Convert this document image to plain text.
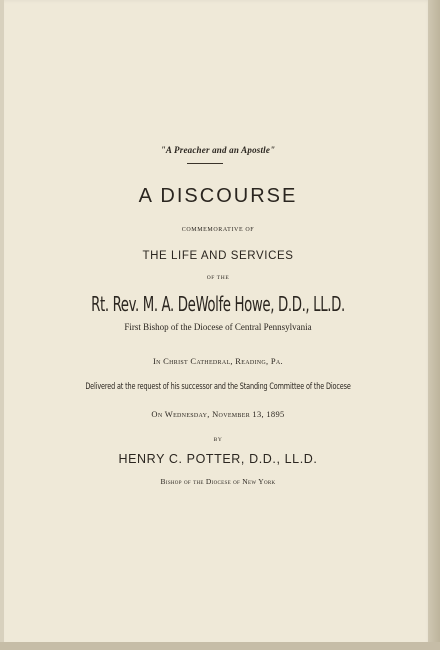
"A Preacher and an Apostle"
A DISCOURSE
COMMEMORATIVE OF
THE LIFE AND SERVICES
OF THE
Rt. Rev. M. A. DeWolfe Howe, D.D., LL.D.
First Bishop of the Diocese of Central Pennsylvania
In Christ Cathedral, Reading, Pa.
Delivered at the request of his successor and the Standing Committee of the Diocese
On Wednesday, November 13, 1895
BY
HENRY C. POTTER, D.D., LL.D.
Bishop of the Diocese of New York
